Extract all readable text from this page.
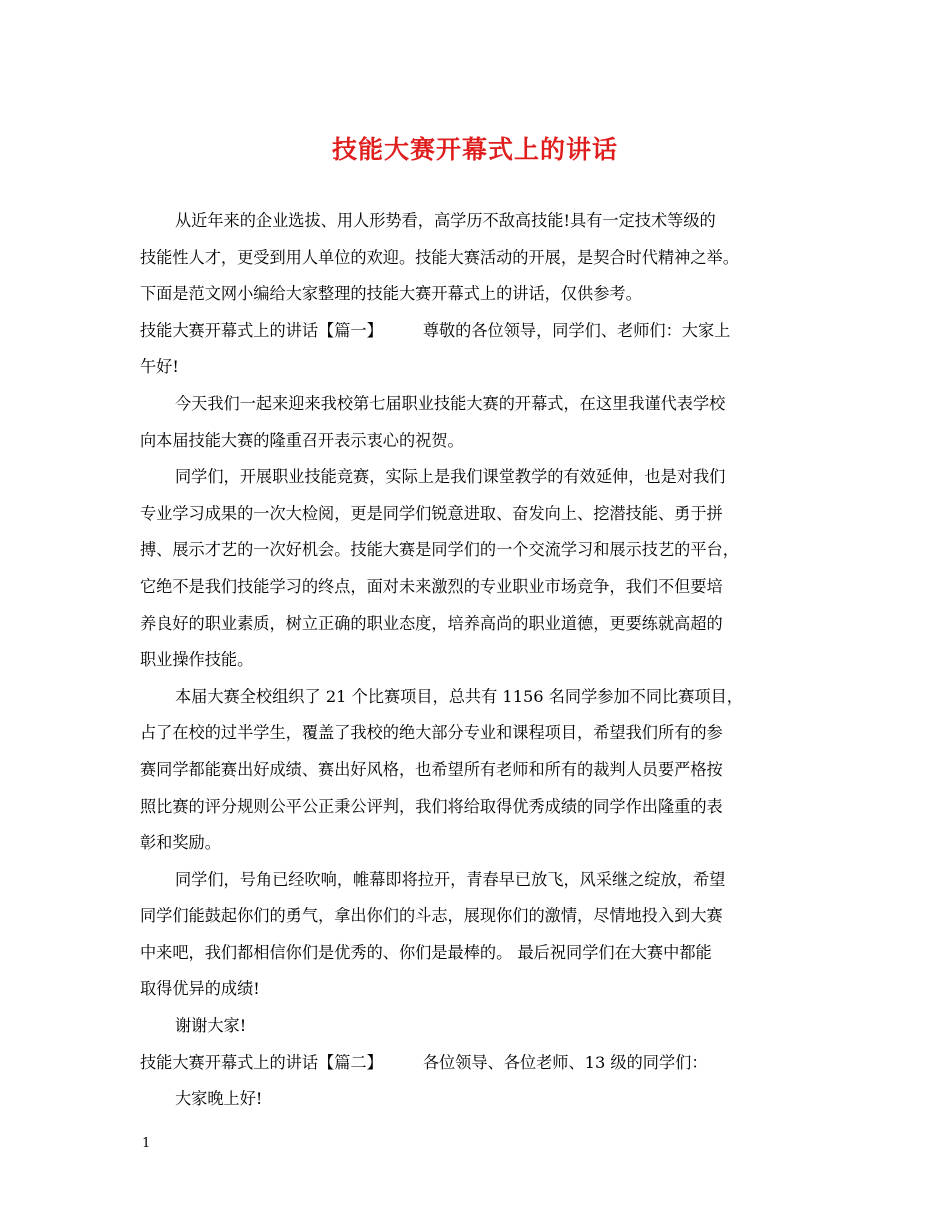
技能大赛开幕式上的讲话
从近年来的企业选拔、用人形势看，高学历不敌高技能!具有一定技术等级的
技能性人才，更受到用人单位的欢迎。技能大赛活动的开展，是契合时代精神之举。
下面是范文网小编给大家整理的技能大赛开幕式上的讲话，仅供参考。
技能大赛开幕式上的讲话【篇一】 尊敬的各位领导，同学们、老师们：大家上
午好!
今天我们一起来迎来我校第七届职业技能大赛的开幕式，在这里我谨代表学校
向本届技能大赛的隆重召开表示衷心的祝贺。
同学们，开展职业技能竞赛，实际上是我们课堂教学的有效延伸，也是对我们
专业学习成果的一次大检阅，更是同学们锐意进取、奋发向上、挖潜技能、勇于拼
搏、展示才艺的一次好机会。技能大赛是同学们的一个交流学习和展示技艺的平台，
它绝不是我们技能学习的终点，面对未来激烈的专业职业市场竞争，我们不但要培
养良好的职业素质，树立正确的职业态度，培养高尚的职业道德，更要练就高超的
职业操作技能。
本届大赛全校组织了 21 个比赛项目，总共有 1156 名同学参加不同比赛项目，
占了在校的过半学生，覆盖了我校的绝大部分专业和课程项目，希望我们所有的参
赛同学都能赛出好成绩、赛出好风格，也希望所有老师和所有的裁判人员要严格按
照比赛的评分规则公平公正秉公评判，我们将给取得优秀成绩的同学作出隆重的表
彰和奖励。
同学们，号角已经吹响，帷幕即将拉开，青春早已放飞，风采继之绽放，希望
同学们能鼓起你们的勇气，拿出你们的斗志，展现你们的激情，尽情地投入到大赛
中来吧，我们都相信你们是优秀的、你们是最棒的。 最后祝同学们在大赛中都能
取得优异的成绩!
谢谢大家!
技能大赛开幕式上的讲话【篇二】 各位领导、各位老师、13 级的同学们：
大家晚上好!
1
